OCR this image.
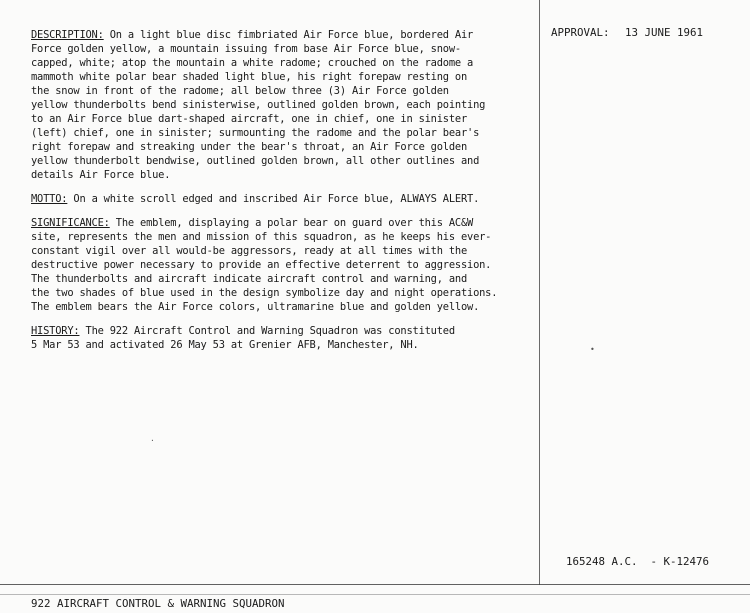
DESCRIPTION: On a light blue disc fimbriated Air Force blue, bordered Air
Force golden yellow, a mountain issuing from base Air Force blue, snow-
capped, white; atop the mountain a white radome; crouched on the radome a
mammoth white polar bear shaded light blue, his right forepaw resting on
the snow in front of the radome; all below three (3) Air Force golden
yellow thunderbolts bend sinisterwise, outlined golden brown, each pointing
to an Air Force blue dart-shaped aircraft, one in chief, one in sinister
(left) chief, one in sinister; surmounting the radome and the polar bear's
right forepaw and streaking under the bear's throat, an Air Force golden
yellow thunderbolt bendwise, outlined golden brown, all other outlines and
details Air Force blue.

MOTTO: On a white scroll edged and inscribed Air Force blue, ALWAYS ALERT.

SIGNIFICANCE: The emblem, displaying a polar bear on guard over this AC&W
site, represents the men and mission of this squadron, as he keeps his ever-
constant vigil over all would-be aggressors, ready at all times with the
destructive power necessary to provide an effective deterrent to aggression.
The thunderbolts and aircraft indicate aircraft control and warning, and
the two shades of blue used in the design symbolize day and night operations.
The emblem bears the Air Force colors, ultramarine blue and golden yellow.

HISTORY: The 922 Aircraft Control and Warning Squadron was constituted
5 Mar 53 and activated 26 May 53 at Grenier AFB, Manchester, NH.

APPROVAL: 13 JUNE 1961
165248 A.C.  - K-12476
922 AIRCRAFT CONTROL & WARNING SQUADRON
•
·
